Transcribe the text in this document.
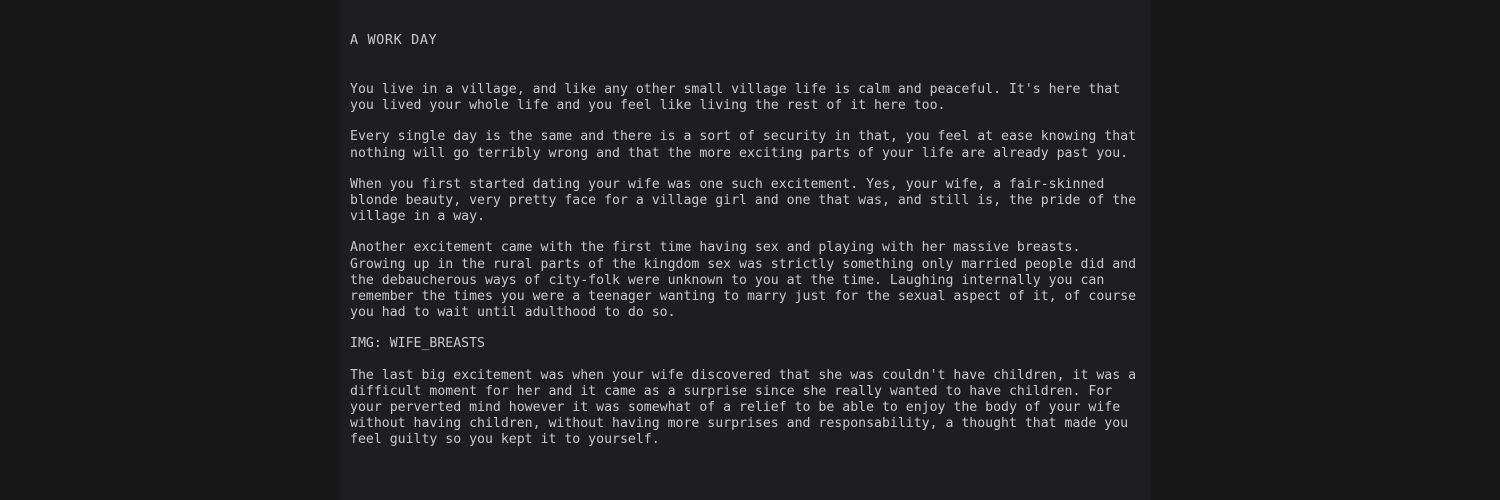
A WORK DAY
You live in a village, and like any other small village life is calm and peaceful. It's here that you lived your whole life and you feel like living the rest of it here too.
Every single day is the same and there is a sort of security in that, you feel at ease knowing that nothing will go terribly wrong and that the more exciting parts of your life are already past you.
When you first started dating your wife was one such excitement. Yes, your wife, a fair-skinned blonde beauty, very pretty face for a village girl and one that was, and still is, the pride of the village in a way.
Another excitement came with the first time having sex and playing with her massive breasts. Growing up in the rural parts of the kingdom sex was strictly something only married people did and the debaucherous ways of city-folk were unknown to you at the time. Laughing internally you can remember the times you were a teenager wanting to marry just for the sexual aspect of it, of course you had to wait until adulthood to do so.
IMG: WIFE_BREASTS
The last big excitement was when your wife discovered that she was couldn't have children, it was a difficult moment for her and it came as a surprise since she really wanted to have children. For your perverted mind however it was somewhat of a relief to be able to enjoy the body of your wife without having children, without having more surprises and responsability, a thought that made you feel guilty so you kept it to yourself.
